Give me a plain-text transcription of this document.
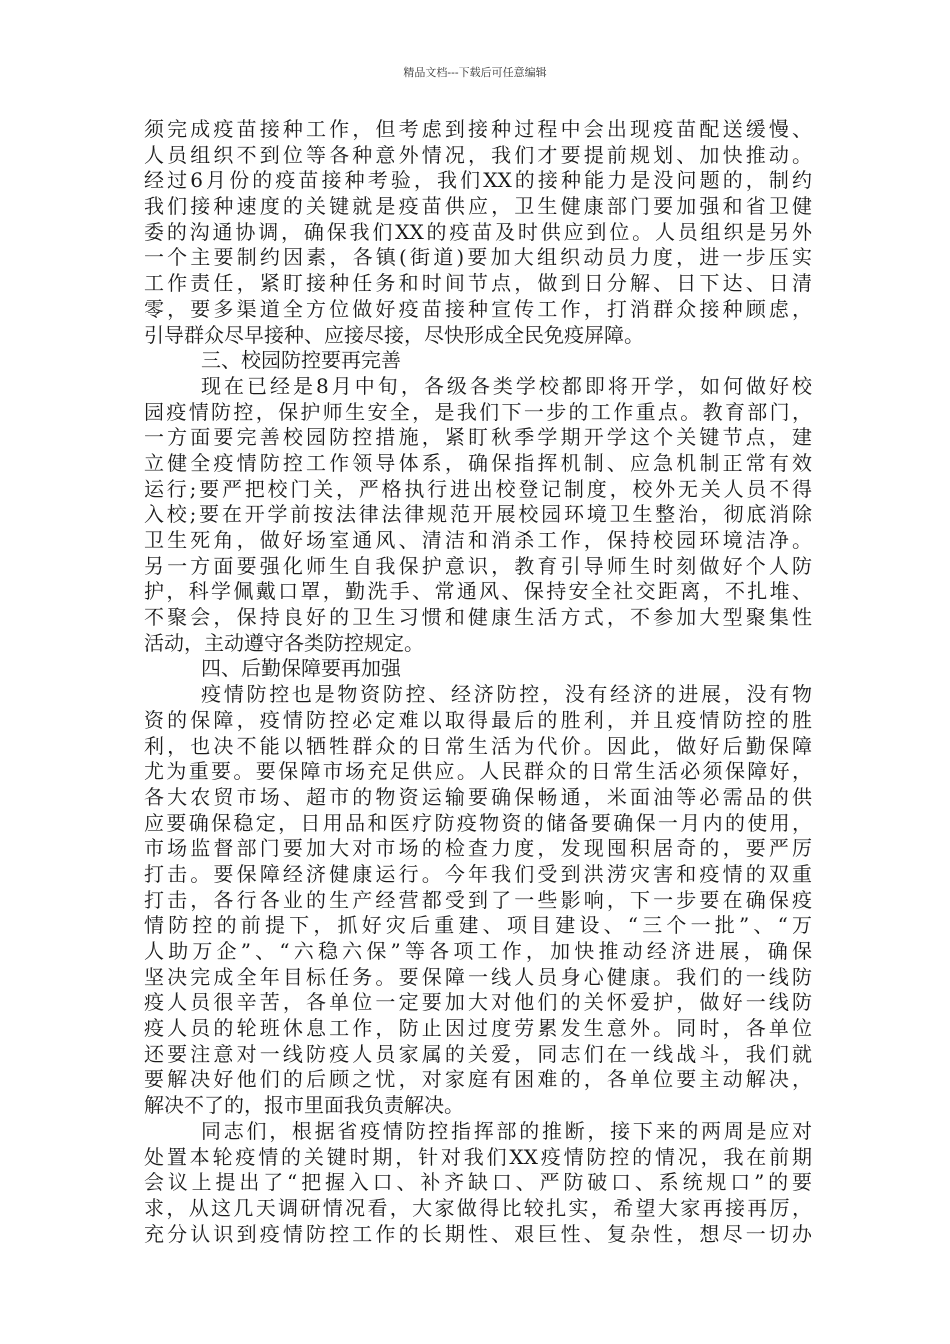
精品文档---下载后可任意编辑
须完成疫苗接种工作，但考虑到接种过程中会出现疫苗配送缓慢、
人员组织不到位等各种意外情况，我们才要提前规划、加快推动。
经过6月份的疫苗接种考验，我们XX的接种能力是没问题的，制约
我们接种速度的关键就是疫苗供应，卫生健康部门要加强和省卫健
委的沟通协调，确保我们XX的疫苗及时供应到位。人员组织是另外
一个主要制约因素，各镇(街道)要加大组织动员力度，进一步压实
工作责任，紧盯接种任务和时间节点，做到日分解、日下达、日清
零，要多渠道全方位做好疫苗接种宣传工作，打消群众接种顾虑，
引导群众尽早接种、应接尽接，尽快形成全民免疫屏障。
三、校园防控要再完善
现在已经是8月中旬，各级各类学校都即将开学，如何做好校
园疫情防控，保护师生安全，是我们下一步的工作重点。教育部门，
一方面要完善校园防控措施，紧盯秋季学期开学这个关键节点，建
立健全疫情防控工作领导体系，确保指挥机制、应急机制正常有效
运行;要严把校门关，严格执行进出校登记制度，校外无关人员不得
入校;要在开学前按法律法律规范开展校园环境卫生整治，彻底消除
卫生死角，做好场室通风、清洁和消杀工作，保持校园环境洁净。
另一方面要强化师生自我保护意识，教育引导师生时刻做好个人防
护，科学佩戴口罩，勤洗手、常通风、保持安全社交距离，不扎堆、
不聚会，保持良好的卫生习惯和健康生活方式，不参加大型聚集性
活动，主动遵守各类防控规定。
四、后勤保障要再加强
疫情防控也是物资防控、经济防控，没有经济的进展，没有物
资的保障，疫情防控必定难以取得最后的胜利，并且疫情防控的胜
利，也决不能以牺牲群众的日常生活为代价。因此，做好后勤保障
尤为重要。要保障市场充足供应。人民群众的日常生活必须保障好，
各大农贸市场、超市的物资运输要确保畅通，米面油等必需品的供
应要确保稳定，日用品和医疗防疫物资的储备要确保一月内的使用，
市场监督部门要加大对市场的检查力度，发现囤积居奇的，要严厉
打击。要保障经济健康运行。今年我们受到洪涝灾害和疫情的双重
打击，各行各业的生产经营都受到了一些影响，下一步要在确保疫
情防控的前提下，抓好灾后重建、项目建设、“三个一批”、“万
人助万企”、“六稳六保”等各项工作，加快推动经济进展，确保
坚决完成全年目标任务。要保障一线人员身心健康。我们的一线防
疫人员很辛苦，各单位一定要加大对他们的关怀爱护，做好一线防
疫人员的轮班休息工作，防止因过度劳累发生意外。同时，各单位
还要注意对一线防疫人员家属的关爱，同志们在一线战斗，我们就
要解决好他们的后顾之忧，对家庭有困难的，各单位要主动解决，
解决不了的，报市里面我负责解决。
同志们，根据省疫情防控指挥部的推断，接下来的两周是应对
处置本轮疫情的关键时期，针对我们XX疫情防控的情况，我在前期
会议上提出了“把握入口、补齐缺口、严防破口、系统规口”的要
求，从这几天调研情况看，大家做得比较扎实，希望大家再接再厉，
充分认识到疫情防控工作的长期性、艰巨性、复杂性，想尽一切办
